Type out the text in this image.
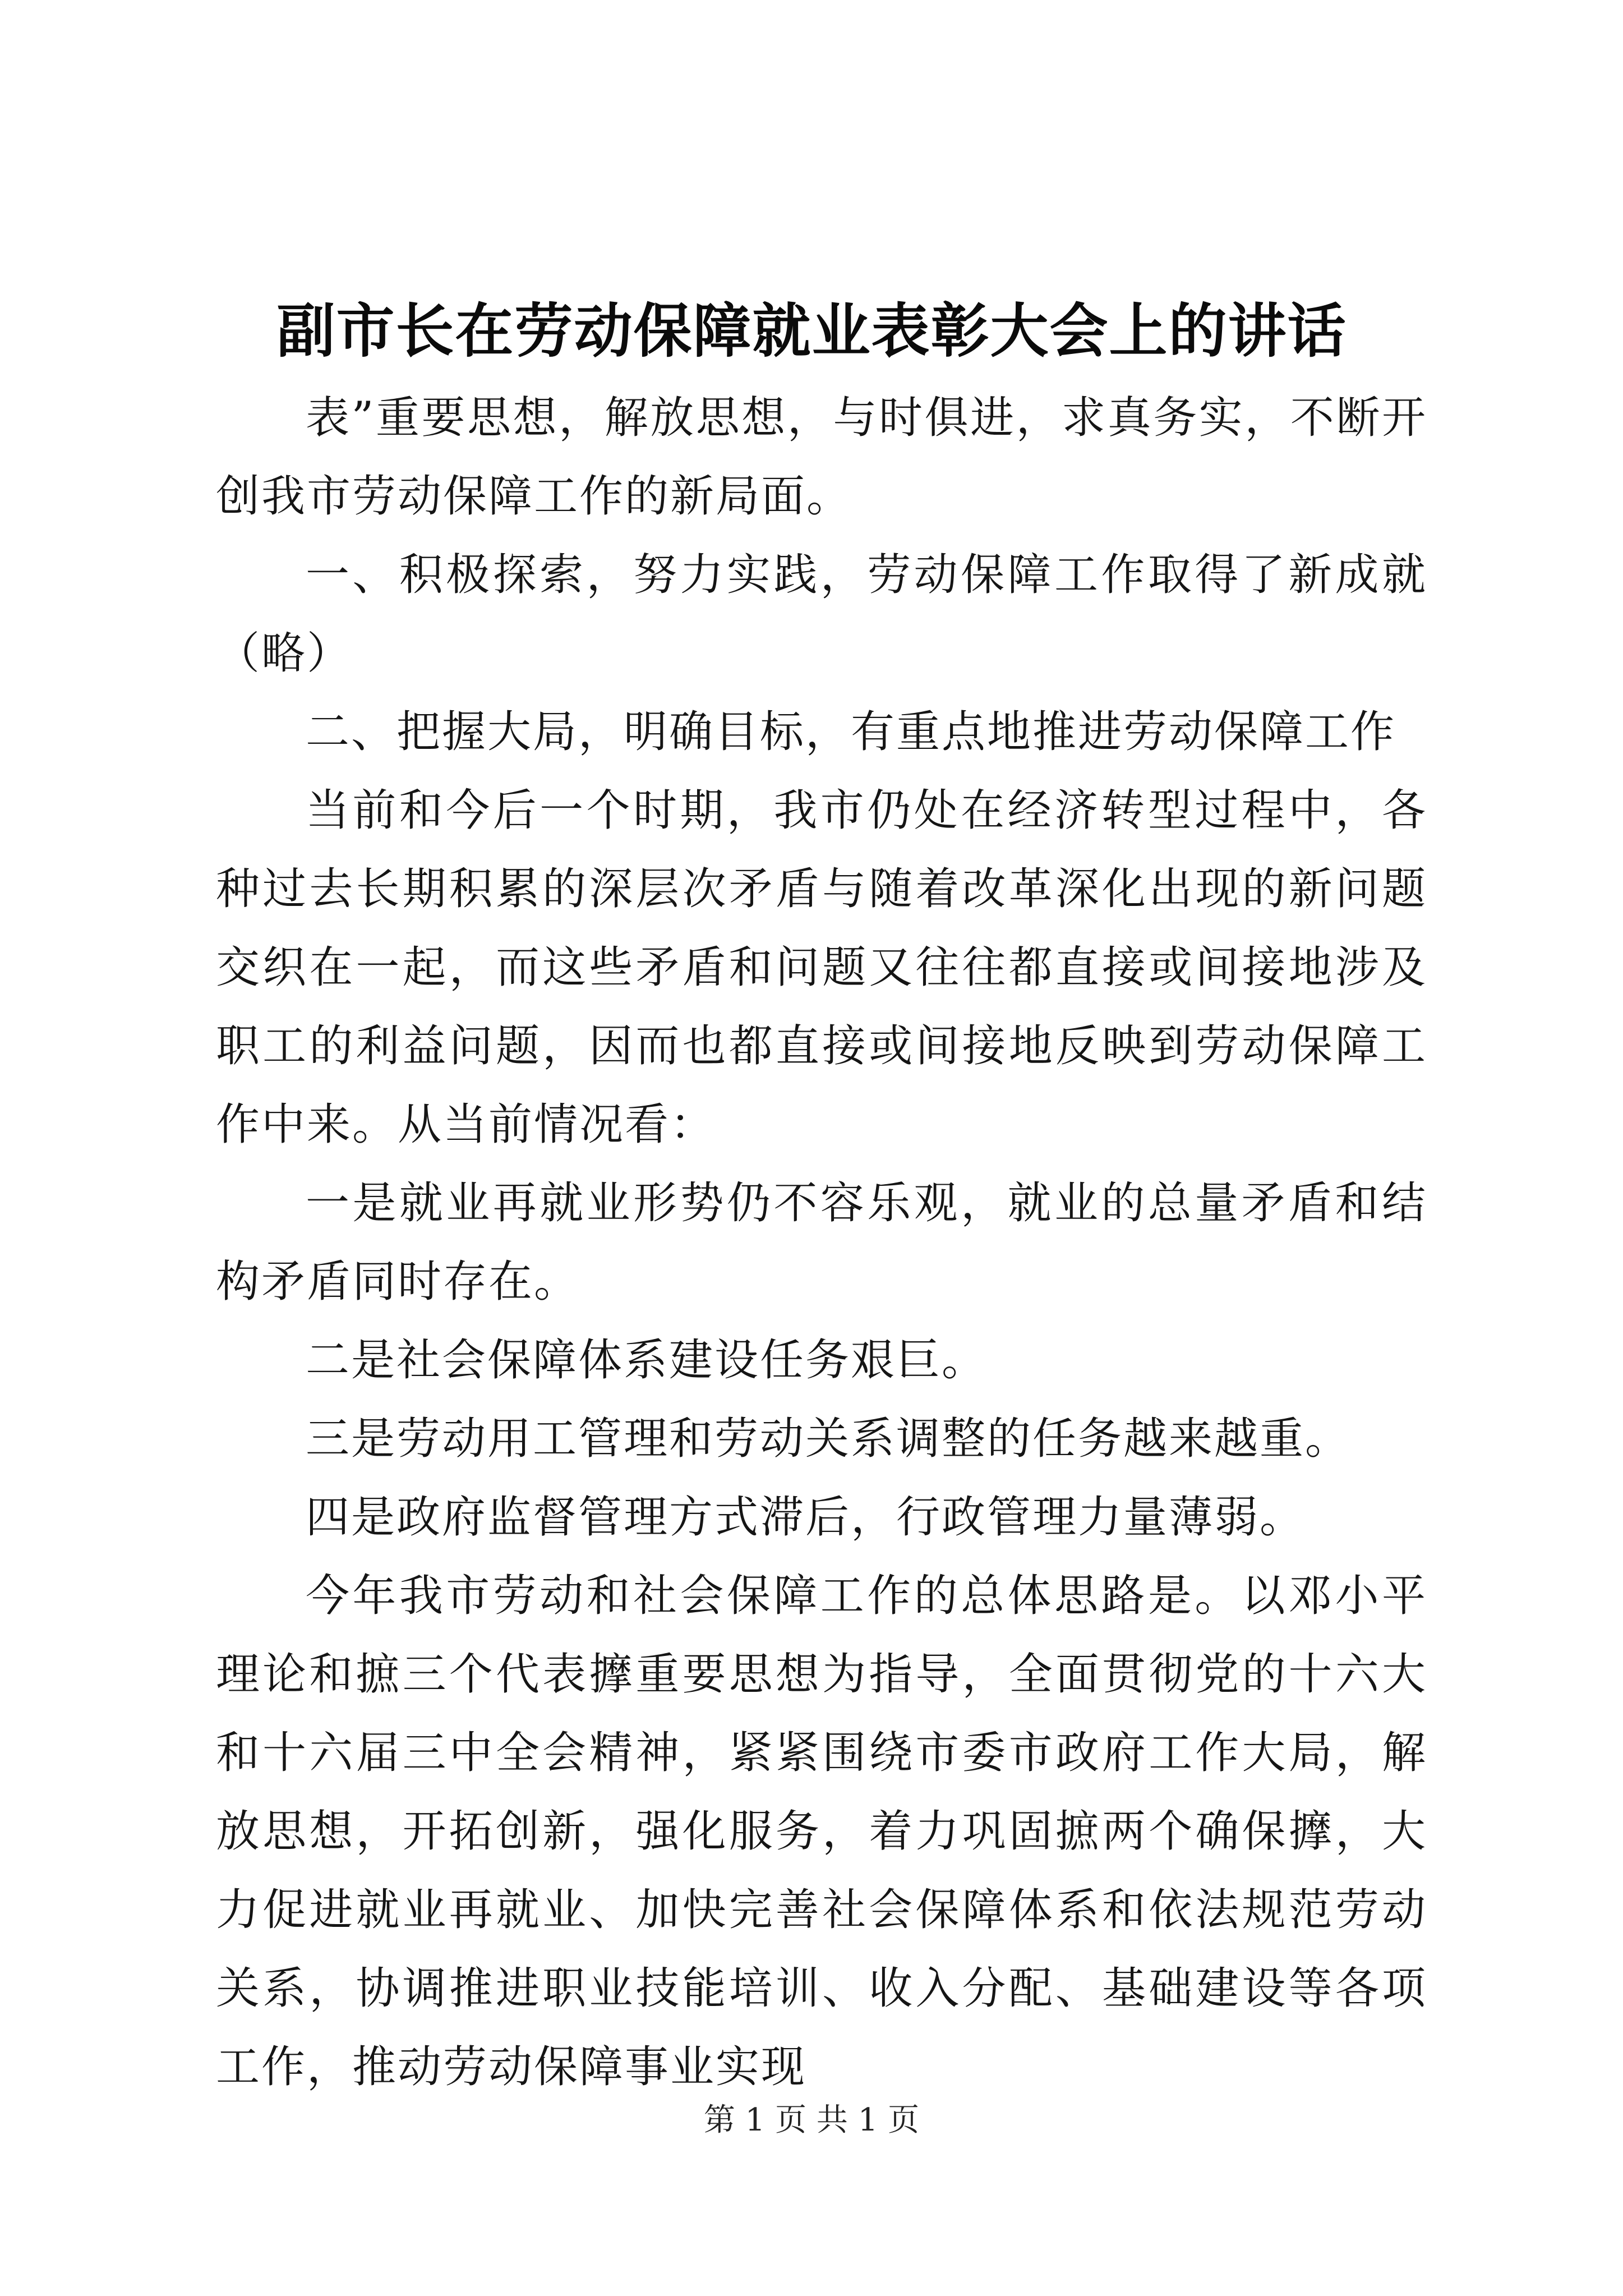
副市长在劳动保障就业表彰大会上的讲话

表”重要思想，解放思想，与时俱进，求真务实，不断开创我市劳动保障工作的新局面。

一、积极探索，努力实践，劳动保障工作取得了新成就（略）

二、把握大局，明确目标，有重点地推进劳动保障工作

当前和今后一个时期，我市仍处在经济转型过程中，各种过去长期积累的深层次矛盾与随着改革深化出现的新问题交织在一起，而这些矛盾和问题又往往都直接或间接地涉及职工的利益问题，因而也都直接或间接地反映到劳动保障工作中来。从当前情况看：

一是就业再就业形势仍不容乐观，就业的总量矛盾和结构矛盾同时存在。

二是社会保障体系建设任务艰巨。

三是劳动用工管理和劳动关系调整的任务越来越重。

四是政府监督管理方式滞后，行政管理力量薄弱。

今年我市劳动和社会保障工作的总体思路是。以邓小平理论和摭三个代表擵重要思想为指导，全面贯彻党的十六大和十六届三中全会精神，紧紧围绕市委市政府工作大局，解放思想，开拓创新，强化服务，着力巩固摭两个确保擵，大力促进就业再就业、加快完善社会保障体系和依法规范劳动关系，协调推进职业技能培训、收入分配、基础建设等各项工作，推动劳动保障事业实现

第 1 页 共 1 页
